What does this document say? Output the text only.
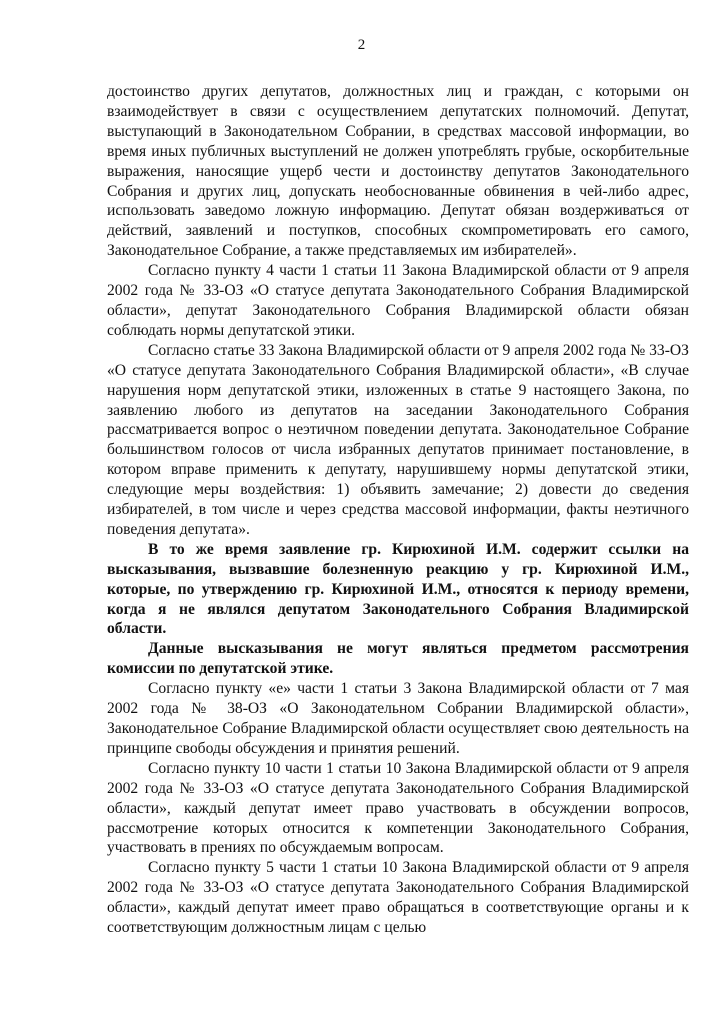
2

достоинство других депутатов, должностных лиц и граждан, с которыми он взаимодействует в связи с осуществлением депутатских полномочий. Депутат, выступающий в Законодательном Собрании, в средствах массовой информации, во время иных публичных выступлений не должен употреблять грубые, оскорбительные выражения, наносящие ущерб чести и достоинству депутатов Законодательного Собрания и других лиц, допускать необоснованные обвинения в чей-либо адрес, использовать заведомо ложную информацию. Депутат обязан воздерживаться от действий, заявлений и поступков, способных скомпрометировать его самого, Законодательное Собрание, а также представляемых им избирателей».

Согласно пункту 4 части 1 статьи 11 Закона Владимирской области от 9 апреля 2002 года № 33-ОЗ «О статусе депутата Законодательного Собрания Владимирской области», депутат Законодательного Собрания Владимирской области обязан соблюдать нормы депутатской этики.

Согласно статье 33 Закона Владимирской области от 9 апреля 2002 года № 33-ОЗ «О статусе депутата Законодательного Собрания Владимирской области», «В случае нарушения норм депутатской этики, изложенных в статье 9 настоящего Закона, по заявлению любого из депутатов на заседании Законодательного Собрания рассматривается вопрос о неэтичном поведении депутата. Законодательное Собрание большинством голосов от числа избранных депутатов принимает постановление, в котором вправе применить к депутату, нарушившему нормы депутатской этики, следующие меры воздействия: 1) объявить замечание; 2) довести до сведения избирателей, в том числе и через средства массовой информации, факты неэтичного поведения депутата».

В то же время заявление гр. Кирюхиной И.М. содержит ссылки на высказывания, вызвавшие болезненную реакцию у гр. Кирюхиной И.М., которые, по утверждению гр. Кирюхиной И.М., относятся к периоду времени, когда я не являлся депутатом Законодательного Собрания Владимирской области.

Данные высказывания не могут являться предметом рассмотрения комиссии по депутатской этике.

Согласно пункту «е» части 1 статьи 3 Закона Владимирской области от 7 мая 2002 года № 38-ОЗ «О Законодательном Собрании Владимирской области», Законодательное Собрание Владимирской области осуществляет свою деятельность на принципе свободы обсуждения и принятия решений.

Согласно пункту 10 части 1 статьи 10 Закона Владимирской области от 9 апреля 2002 года № 33-ОЗ «О статусе депутата Законодательного Собрания Владимирской области», каждый депутат имеет право участвовать в обсуждении вопросов, рассмотрение которых относится к компетенции Законодательного Собрания, участвовать в прениях по обсуждаемым вопросам.

Согласно пункту 5 части 1 статьи 10 Закона Владимирской области от 9 апреля 2002 года № 33-ОЗ «О статусе депутата Законодательного Собрания Владимирской области», каждый депутат имеет право обращаться в соответствующие органы и к соответствующим должностным лицам с целью
